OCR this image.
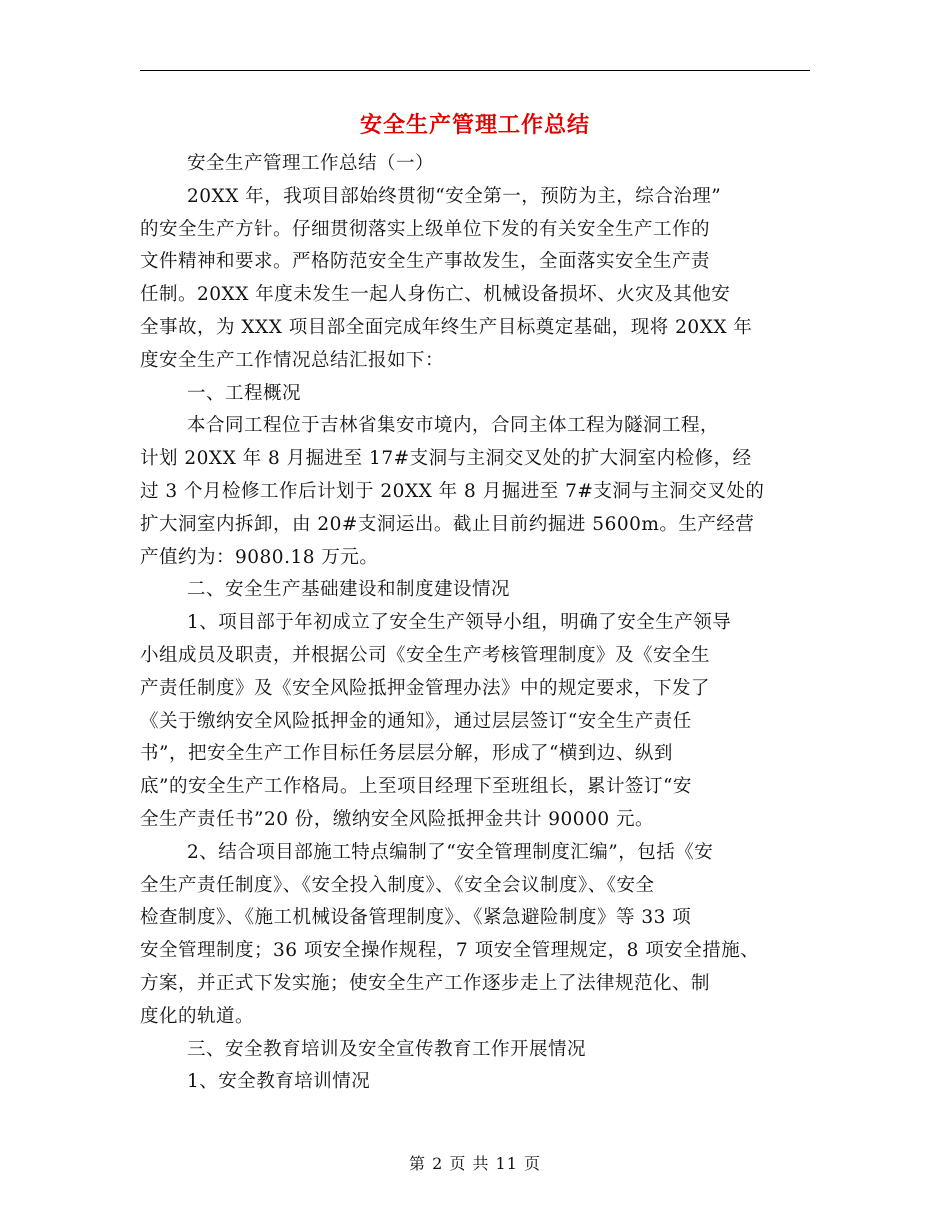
安全生产管理工作总结
安全生产管理工作总结（一）
20XX 年，我项目部始终贯彻“安全第一，预防为主，综合治理”
的安全生产方针。仔细贯彻落实上级单位下发的有关安全生产工作的
文件精神和要求。严格防范安全生产事故发生，全面落实安全生产责
任制。20XX 年度未发生一起人身伤亡、机械设备损坏、火灾及其他安
全事故，为 XXX 项目部全面完成年终生产目标奠定基础，现将 20XX 年
度安全生产工作情况总结汇报如下：
一、工程概况
本合同工程位于吉林省集安市境内，合同主体工程为隧洞工程，
计划 20XX 年 8 月掘进至 17#支洞与主洞交叉处的扩大洞室内检修，经
过 3 个月检修工作后计划于 20XX 年 8 月掘进至 7#支洞与主洞交叉处的
扩大洞室内拆卸，由 20#支洞运出。截止目前约掘进 5600m。生产经营
产值约为：9080.18 万元。
二、安全生产基础建设和制度建设情况
1、项目部于年初成立了安全生产领导小组，明确了安全生产领导
小组成员及职责，并根据公司《安全生产考核管理制度》及《安全生
产责任制度》及《安全风险抵押金管理办法》中的规定要求，下发了
《关于缴纳安全风险抵押金的通知》，通过层层签订“安全生产责任
书”，把安全生产工作目标任务层层分解，形成了“横到边、纵到
底”的安全生产工作格局。上至项目经理下至班组长，累计签订“安
全生产责任书”20 份，缴纳安全风险抵押金共计 90000 元。
2、结合项目部施工特点编制了“安全管理制度汇编”，包括《安
全生产责任制度》、《安全投入制度》、《安全会议制度》、《安全
检查制度》、《施工机械设备管理制度》、《紧急避险制度》等 33 项
安全管理制度；36 项安全操作规程，7 项安全管理规定，8 项安全措施、
方案，并正式下发实施；使安全生产工作逐步走上了法律规范化、制
度化的轨道。
三、安全教育培训及安全宣传教育工作开展情况
1、安全教育培训情况
第 2 页 共 11 页
